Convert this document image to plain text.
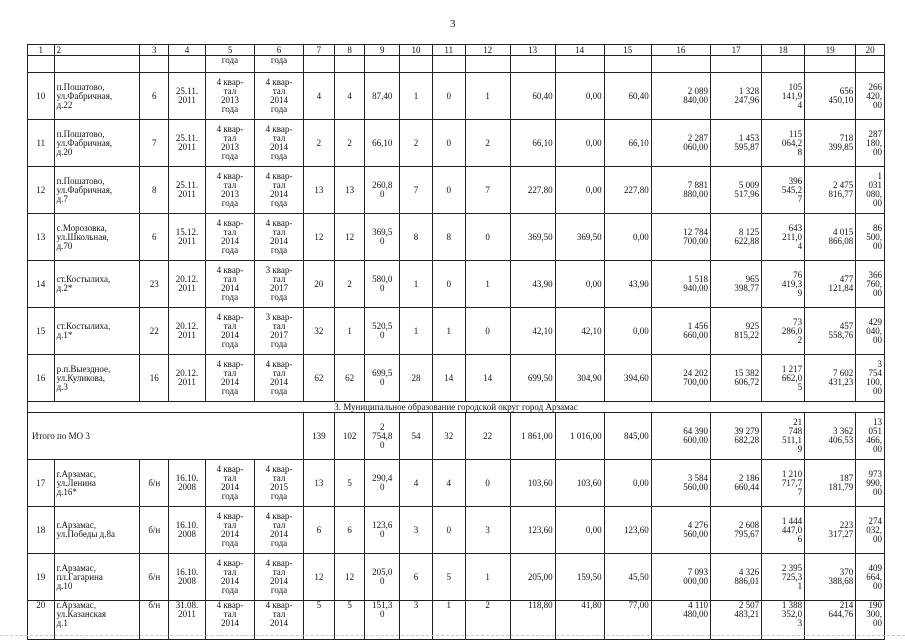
3
1	2	3	4	5	6	7	8	9	10	11	12	13	14	15	16	17	18	19	20
				года	года														
10	п.Пошатово,
ул.Фабричная,
д.22	6	25.11.
2011	4 квар-
тал
2013
года	4 квар-
тал
2014
года	4	4	87,40	1	0	1	60,40	0,00	60,40	2 089
840,00	1 328
247,96	105
141,9
4	656
450,10	266
420,
00
11	п.Пошатово,
ул.Фабричная,
д.20	7	25.11.
2011	4 квар-
тал
2013
года	4 квар-
тал
2014
года	2	2	66,10	2	0	2	66,10	0,00	66,10	2 287
060,00	1 453
595,87	115
064,2
8	718
399,85	287
180,
00
12	п.Пошатово,
ул.Фабричная,
д.7	8	25.11.
2011	4 квар-
тал
2013
года	4 квар-
тал
2014
года	13	13	260,8
0	7	0	7	227,80	0,00	227,80	7 881
880,00	5 009
517,96	396
545,2
7	2 475
816,77	1
031
080,
00
13	с.Морозовка,
ул.Школьная,
д.70	6	15.12.
2011	4 квар-
тал
2014
года	4 квар-
тал
2014
года	12	12	369,5
0	8	8	0	369,50	369,50	0,00	12 784
700,00	8 125
622,88	643
211,0
4	4 015
866,08	86
500,
00
14	ст.Костылиха,
д.2*	23	20.12.
2011	4 квар-
тал
2014
года	3 квар-
тал
2017
года	20	2	580,0
0	1	0	1	43,90	0,00	43,90	1 518
940,00	965
398,77	76
419,3
9	477
121,84	366
760,
00
15	ст.Костылиха,
д.1*	22	20.12.
2011	4 квар-
тал
2014
года	3 квар-
тал
2017
года	32	1	520,5
0	1	1	0	42,10	42,10	0,00	1 456
660,00	925
815,22	73
286,0
2	457
558,76	429
040,
00
16	р.п.Выездное,
ул.Куликова,
д.3	16	20.12.
2011	4 квар-
тал
2014
года	4 квар-
тал
2014
года	62	62	699,5
0	28	14	14	699,50	304,90	394,60	24 202
700,00	15 382
606,72	1 217
662,0
5	7 602
431,23	3
754
100,
00
3. Муниципальное образование городской округ город Арзамас																			
Итого по МО 3						139	102	2
754,8
0	54	32	22	1 861,00	1 016,00	845,00	64 390
600,00	39 279
682,28	21
748
511,1
9	3 362
406,53	13
051
466,
00
17	г.Арзамас,
ул.Ленина
д.16*	б/н	16.10.
2008	4 квар-
тал
2014
года	4 квар-
тал
2015
года	13	5	290,4
0	4	4	0	103,60	103,60	0,00	3 584
560,00	2 186
660,44	1 210
717,7
7	187
181,79	973
990,
00
18	г.Арзамас,
ул.Победы д.8а	б/н	16.10.
2008	4 квар-
тал
2014
года	4 квар-
тал
2014
года	6	6	123,6
0	3	0	3	123,60	0,00	123,60	4 276
560,00	2 608
795,67	1 444
447,0
6	223
317,27	274
032,
00
19	г.Арзамас,
пл.Гагарина
д.10	б/н	16.10.
2008	4 квар-
тал
2014
года	4 квар-
тал
2014
года	12	12	205,0
0	6	5	1	205,00	159,50	45,50	7 093
000,00	4 326
886,01	2 395
725,3
1	370
388,68	409
664,
00
20	г.Арзамас,
ул.Казанская
д.1	б/н	31.08.
2011	4 квар-
тал
2014	4 квар-
тал
2014	5	5	151,3
0	3	1	2	118,80	41,80	77,00	4 110
480,00	2 507
483,21	1 388
352,0
3	214
644,76	190
300,
00
